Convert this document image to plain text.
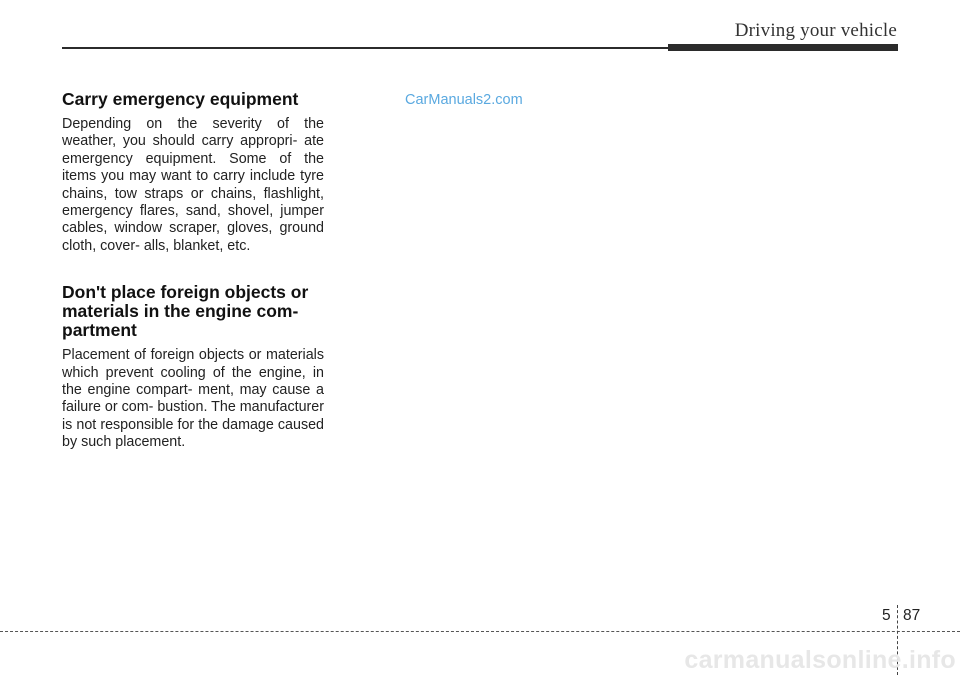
Driving your vehicle
Carry emergency equipment

Depending on the severity of the weather, you should carry appropri- ate emergency equipment. Some of the items you may want to carry include tyre chains, tow straps or chains, flashlight, emergency flares, sand, shovel, jumper cables, window scraper, gloves, ground cloth, cover- alls, blanket, etc.

Don't place foreign objects or materials in the engine com- partment

Placement of foreign objects or materials which prevent cooling of the engine, in the engine compart- ment, may cause a failure or com- bustion. The manufacturer is not responsible for the damage caused by such placement.

CarManuals2.com
5 87
carmanualsonline.info
